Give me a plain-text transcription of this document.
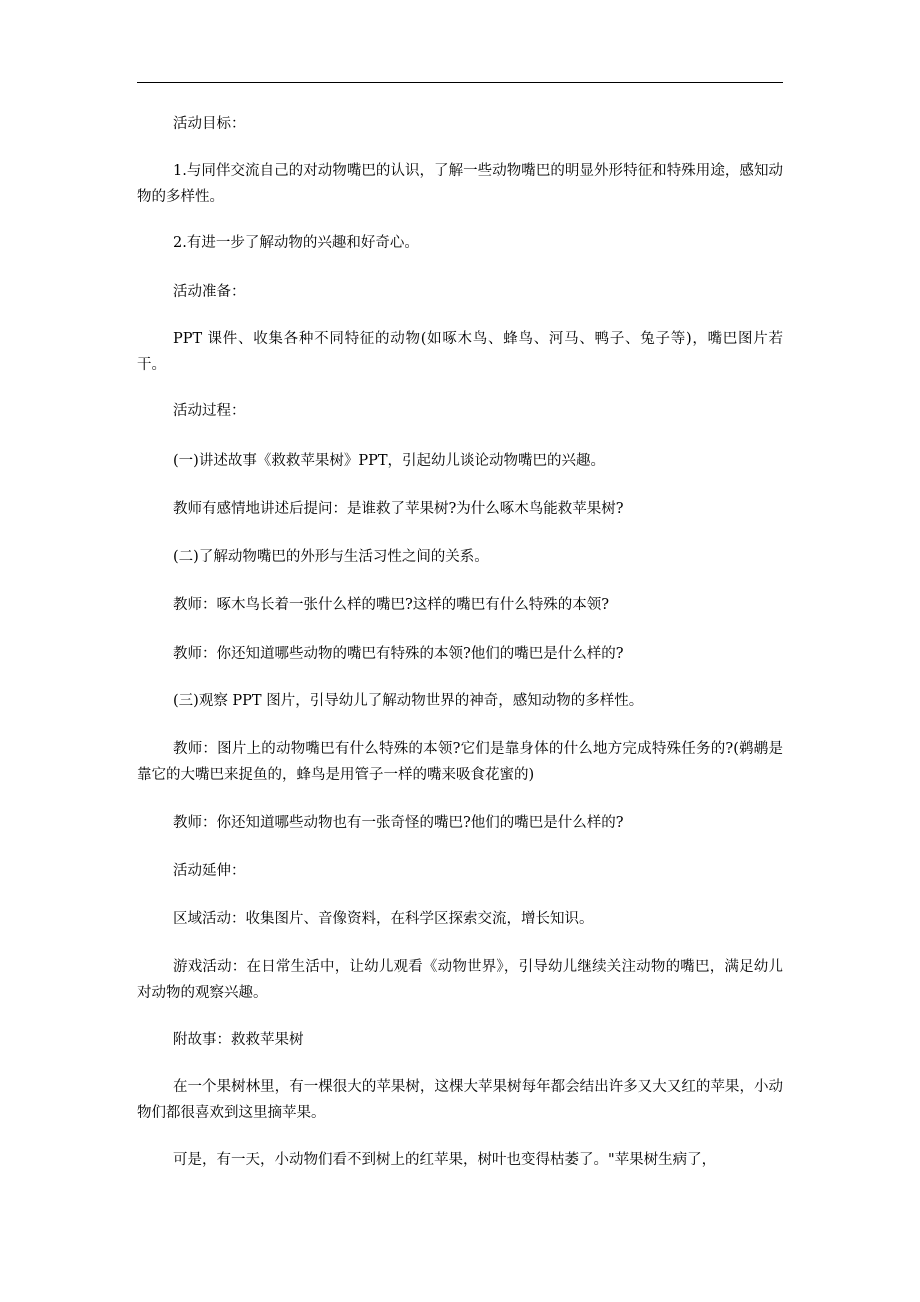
活动目标：

1.与同伴交流自己的对动物嘴巴的认识，了解一些动物嘴巴的明显外形特征和特殊用途，感知动物的多样性。

2.有进一步了解动物的兴趣和好奇心。

活动准备：

PPT 课件、收集各种不同特征的动物(如啄木鸟、蜂鸟、河马、鸭子、兔子等)，嘴巴图片若干。

活动过程：

(一)讲述故事《救救苹果树》PPT，引起幼儿谈论动物嘴巴的兴趣。

教师有感情地讲述后提问：是谁救了苹果树?为什么啄木鸟能救苹果树?

(二)了解动物嘴巴的外形与生活习性之间的关系。

教师：啄木鸟长着一张什么样的嘴巴?这样的嘴巴有什么特殊的本领?

教师：你还知道哪些动物的嘴巴有特殊的本领?他们的嘴巴是什么样的?

(三)观察 PPT 图片，引导幼儿了解动物世界的神奇，感知动物的多样性。

教师：图片上的动物嘴巴有什么特殊的本领?它们是靠身体的什么地方完成特殊任务的?(鹈鹕是靠它的大嘴巴来捉鱼的，蜂鸟是用管子一样的嘴来吸食花蜜的)

教师：你还知道哪些动物也有一张奇怪的嘴巴?他们的嘴巴是什么样的?

活动延伸：

区域活动：收集图片、音像资料，在科学区探索交流，增长知识。

游戏活动：在日常生活中，让幼儿观看《动物世界》，引导幼儿继续关注动物的嘴巴，满足幼儿对动物的观察兴趣。

附故事：救救苹果树

在一个果树林里，有一棵很大的苹果树，这棵大苹果树每年都会结出许多又大又红的苹果，小动物们都很喜欢到这里摘苹果。

可是，有一天，小动物们看不到树上的红苹果，树叶也变得枯萎了。"苹果树生病了，
